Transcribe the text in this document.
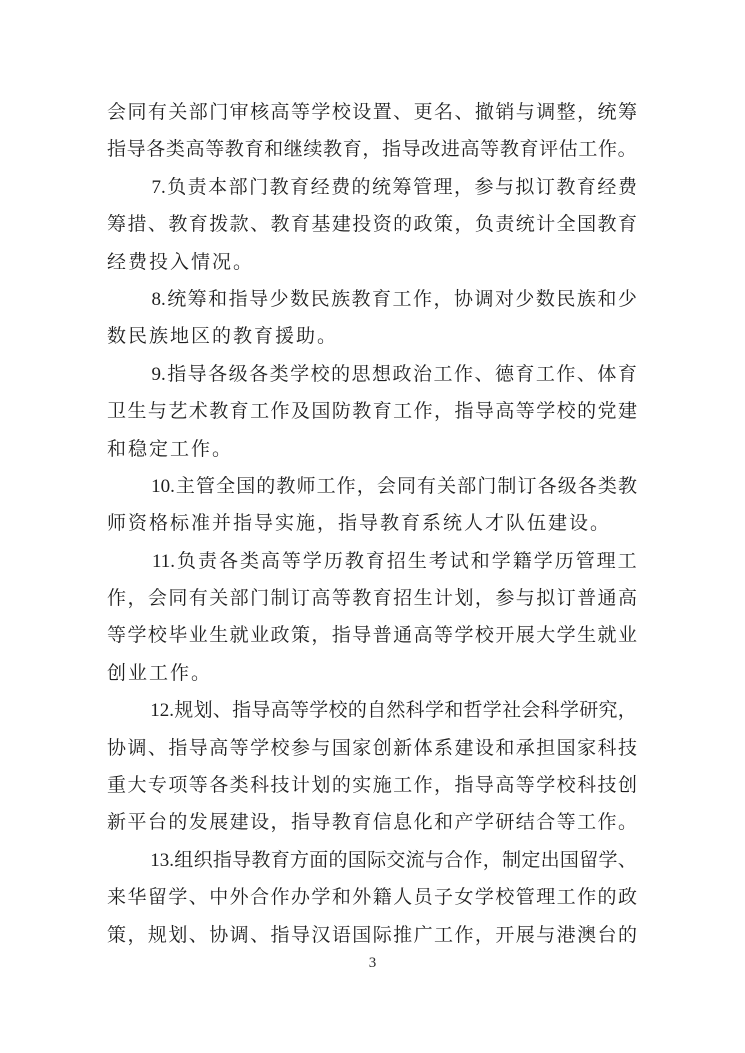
会 同 有 关 部 门 审 核 高 等 学 校 设 置 、 更 名 、 撤 销 与 调 整 ， 统 筹
指 导 各 类 高 等 教 育 和 继 续 教 育 ， 指 导 改 进 高 等 教 育 评 估 工 作 。
7. 负 责 本 部 门 教 育 经 费 的 统 筹 管 理 ， 参 与 拟 订 教 育 经 费
筹 措 、 教 育 拨 款 、 教 育 基 建 投 资 的 政 策 ， 负 责 统 计 全 国 教 育
经费投入情况。
8. 统 筹 和 指 导 少 数 民 族 教 育 工 作 ， 协 调 对 少 数 民 族 和 少
数民族地区的教育援助。
9. 指 导 各 级 各 类 学 校 的 思 想 政 治 工 作 、 德 育 工 作 、 体 育
卫 生 与 艺 术 教 育 工 作 及 国 防 教 育 工 作 ， 指 导 高 等 学 校 的 党 建
和稳定工作。
10. 主 管 全 国 的 教 师 工 作 ， 会 同 有 关 部 门 制 订 各 级 各 类 教
师资格标准并指导实施，指导教育系统人才队伍建设。
11. 负 责 各 类 高 等 学 历 教 育 招 生 考 试 和 学 籍 学 历 管 理 工
作 ， 会 同 有 关 部 门 制 订 高 等 教 育 招 生 计 划 ， 参 与 拟 订 普 通 高
等 学 校 毕 业 生 就 业 政 策 ， 指 导 普 通 高 等 学 校 开 展 大 学 生 就 业
创业工作。
12. 规 划 、 指 导 高 等 学 校 的 自 然 科 学 和 哲 学 社 会 科 学 研 究 ，
协 调 、 指 导 高 等 学 校 参 与 国 家 创 新 体 系 建 设 和 承 担 国 家 科 技
重 大 专 项 等 各 类 科 技 计 划 的 实 施 工 作 ， 指 导 高 等 学 校 科 技 创
新 平 台 的 发 展 建 设 ， 指 导 教 育 信 息 化 和 产 学 研 结 合 等 工 作 。
13. 组 织 指 导 教 育 方 面 的 国 际 交 流 与 合 作 ， 制 定 出 国 留 学 、
来 华 留 学 、 中 外 合 作 办 学 和 外 籍 人 员 子 女 学 校 管 理 工 作 的 政
策 ， 规 划 、 协 调 、 指 导 汉 语 国 际 推 广 工 作 ， 开 展 与 港 澳 台 的
3
